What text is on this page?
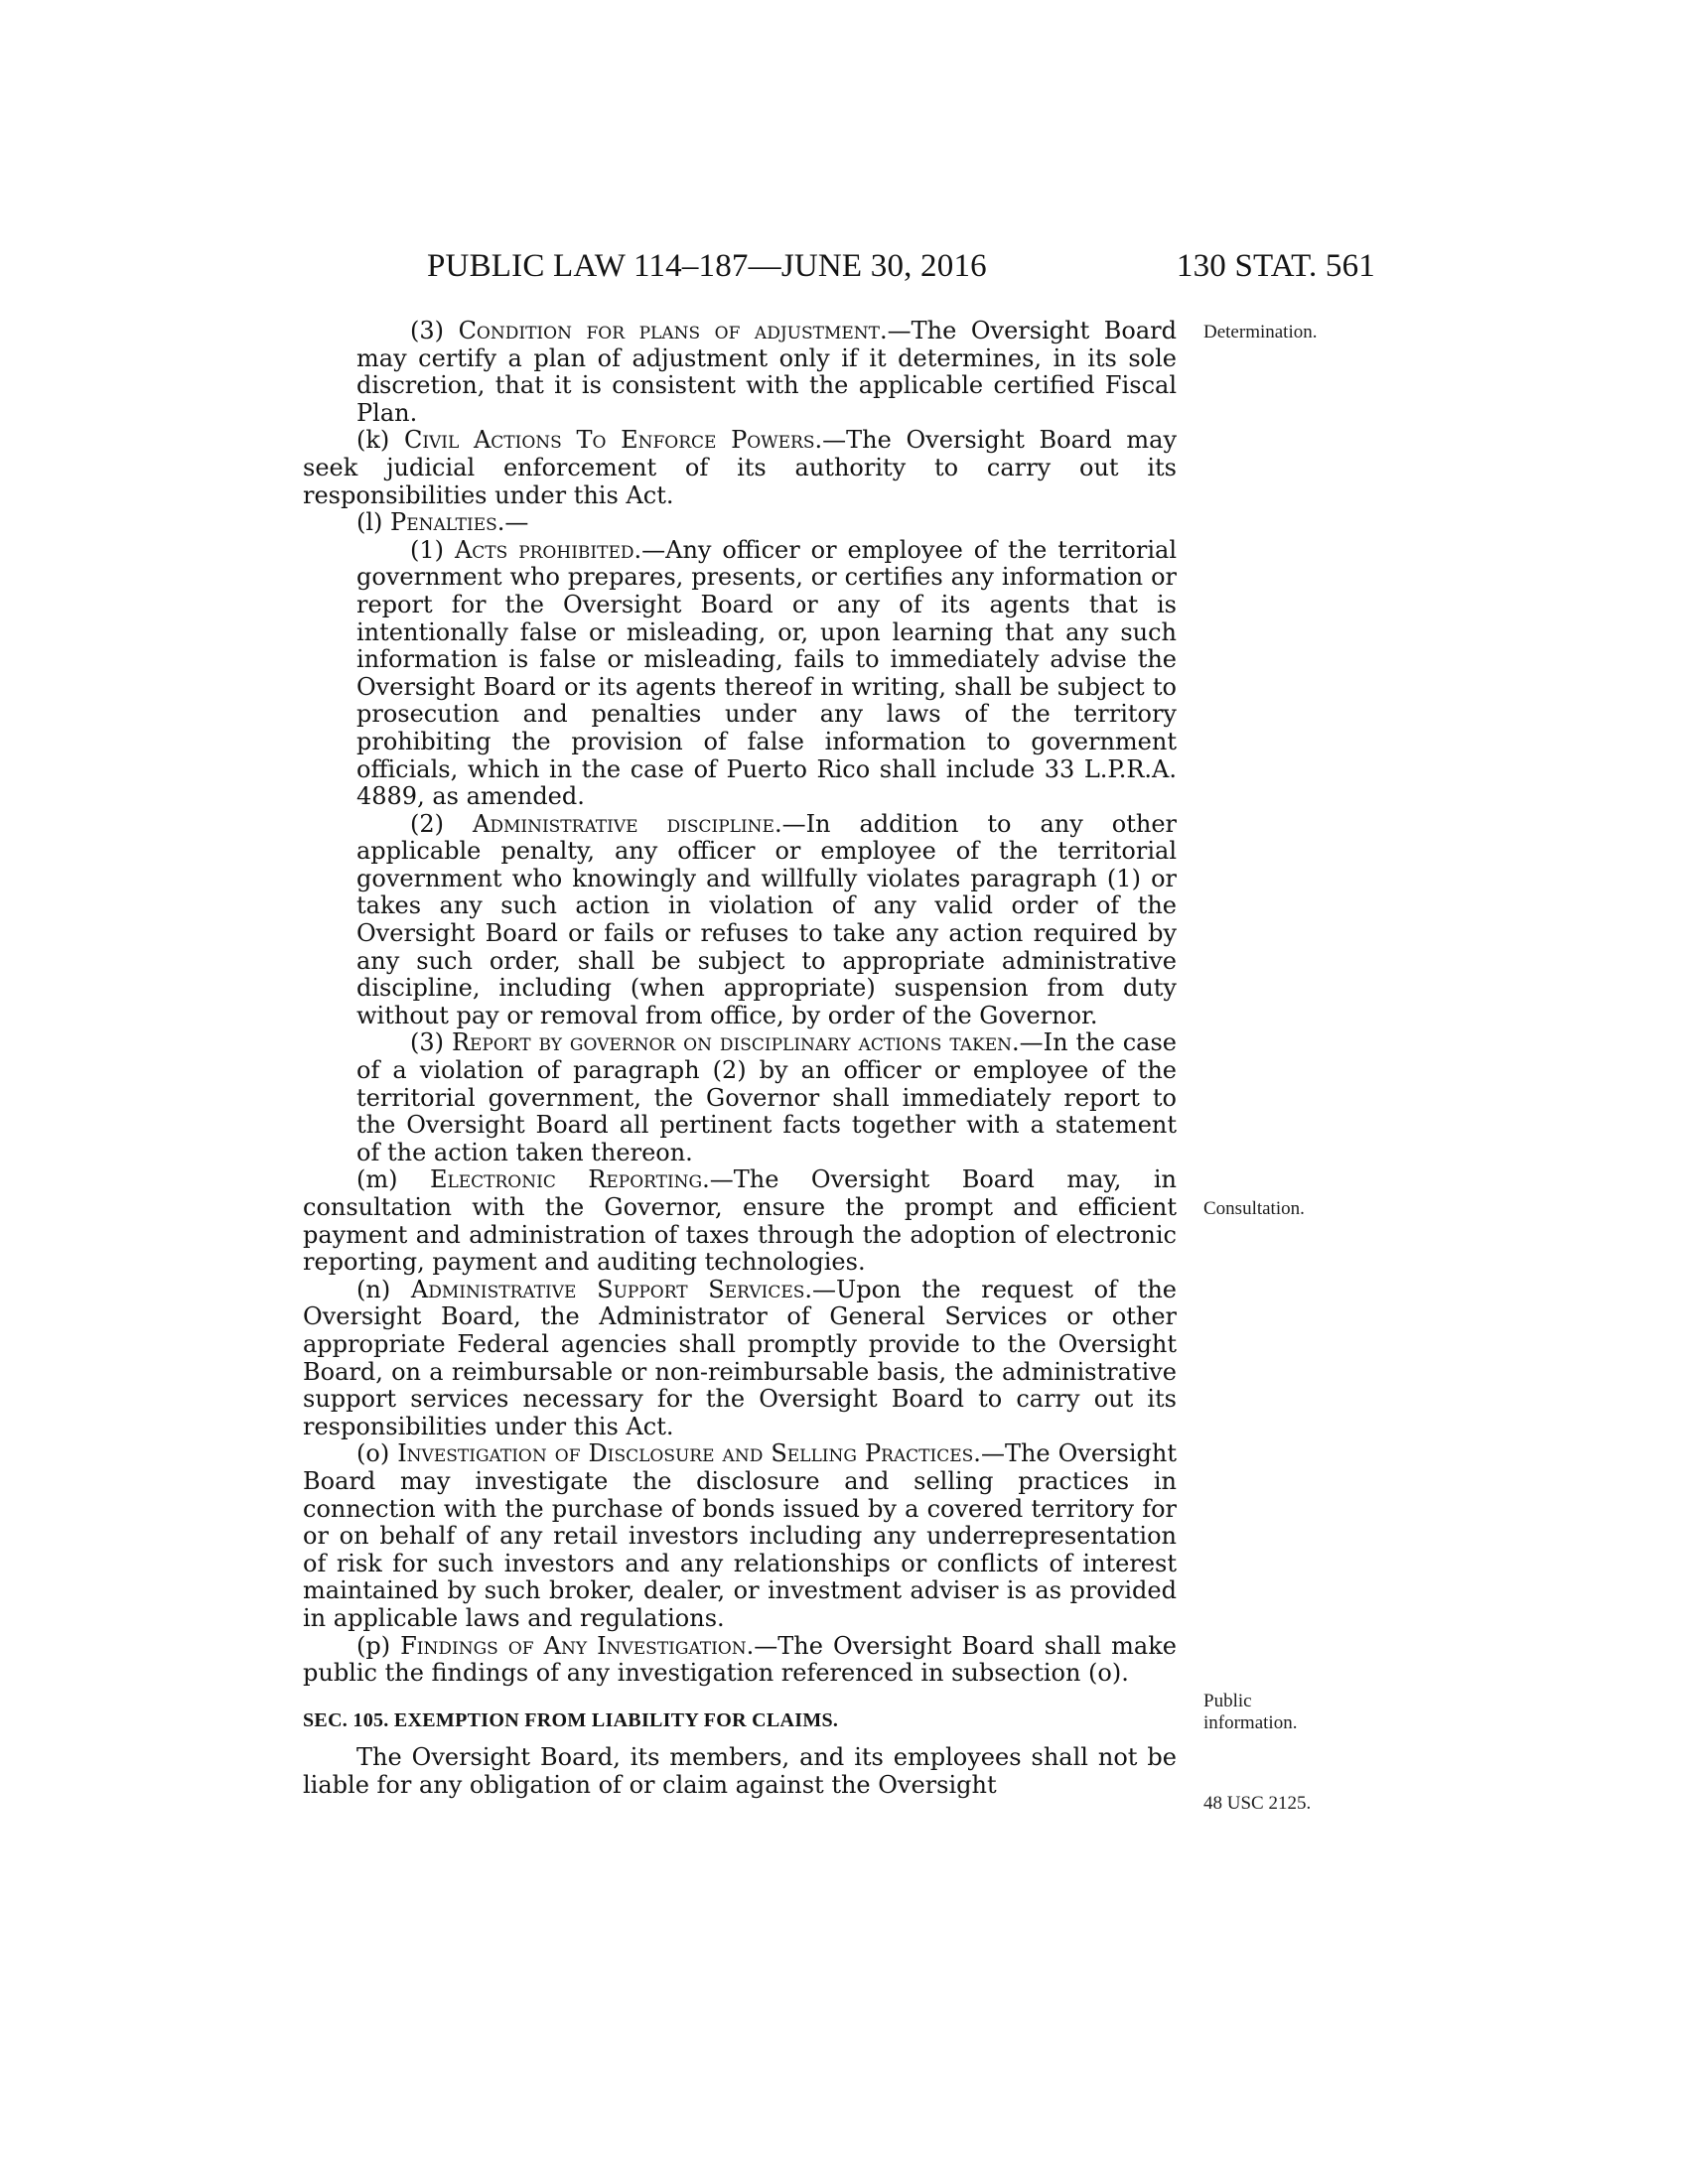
PUBLIC LAW 114–187—JUNE 30, 2016	130 STAT. 561

(3) Condition for plans of adjustment.—The Oversight Board may certify a plan of adjustment only if it determines, in its sole discretion, that it is consistent with the applicable certified Fiscal Plan.

(k) Civil Actions To Enforce Powers.—The Oversight Board may seek judicial enforcement of its authority to carry out its responsibilities under this Act.

(l) Penalties.—

(1) Acts prohibited.—Any officer or employee of the territorial government who prepares, presents, or certifies any information or report for the Oversight Board or any of its agents that is intentionally false or misleading, or, upon learning that any such information is false or misleading, fails to immediately advise the Oversight Board or its agents thereof in writing, shall be subject to prosecution and penalties under any laws of the territory prohibiting the provision of false information to government officials, which in the case of Puerto Rico shall include 33 L.P.R.A. 4889, as amended.

(2) Administrative discipline.—In addition to any other applicable penalty, any officer or employee of the territorial government who knowingly and willfully violates paragraph (1) or takes any such action in violation of any valid order of the Oversight Board or fails or refuses to take any action required by any such order, shall be subject to appropriate administrative discipline, including (when appropriate) suspension from duty without pay or removal from office, by order of the Governor.

(3) Report by governor on disciplinary actions taken.—In the case of a violation of paragraph (2) by an officer or employee of the territorial government, the Governor shall immediately report to the Oversight Board all pertinent facts together with a statement of the action taken thereon.

(m) Electronic Reporting.—The Oversight Board may, in consultation with the Governor, ensure the prompt and efficient payment and administration of taxes through the adoption of electronic reporting, payment and auditing technologies.

(n) Administrative Support Services.—Upon the request of the Oversight Board, the Administrator of General Services or other appropriate Federal agencies shall promptly provide to the Oversight Board, on a reimbursable or non-reimbursable basis, the administrative support services necessary for the Oversight Board to carry out its responsibilities under this Act.

(o) Investigation of Disclosure and Selling Practices.—The Oversight Board may investigate the disclosure and selling practices in connection with the purchase of bonds issued by a covered territory for or on behalf of any retail investors including any underrepresentation of risk for such investors and any relationships or conflicts of interest maintained by such broker, dealer, or investment adviser is as provided in applicable laws and regulations.

(p) Findings of Any Investigation.—The Oversight Board shall make public the findings of any investigation referenced in subsection (o).

SEC. 105. EXEMPTION FROM LIABILITY FOR CLAIMS.

The Oversight Board, its members, and its employees shall not be liable for any obligation of or claim against the Oversight

Determination.
Consultation.
Public
information.
48 USC 2125.
